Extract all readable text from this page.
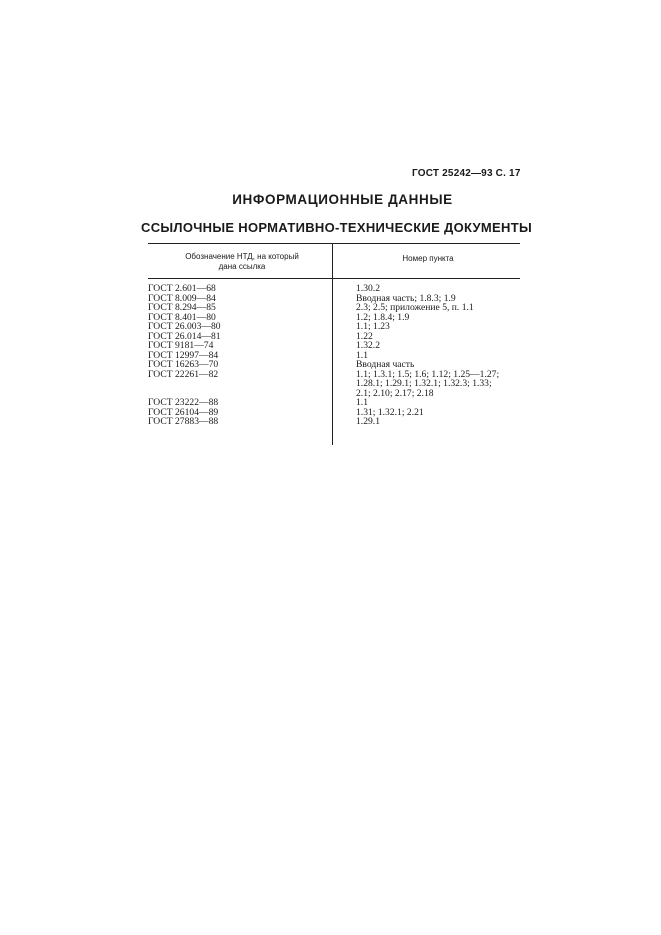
ГОСТ 25242—93 С. 17
ИНФОРМАЦИОННЫЕ ДАННЫЕ
ССЫЛОЧНЫЕ НОРМАТИВНО-ТЕХНИЧЕСКИЕ ДОКУМЕНТЫ
Обозначение НТД, на который
дана ссылка
Номер пункта
ГОСТ 2.601—68
ГОСТ 8.009—84
ГОСТ 8.294—85
ГОСТ 8.401—80
ГОСТ 26.003—80
ГОСТ 26.014—81
ГОСТ 9181—74
ГОСТ 12997—84
ГОСТ 16263—70
ГОСТ 22261—82
ГОСТ 23222—88
ГОСТ 26104—89
ГОСТ 27883—88
1.30.2
Вводная часть; 1.8.3; 1.9
2.3; 2.5; приложение 5, п. 1.1
1.2; 1.8.4; 1.9
1.1; 1.23
1.22
1.32.2
1.1
Вводная часть
1.1; 1.3.1; 1.5; 1.6; 1.12; 1.25—1.27;
1.28.1; 1.29.1; 1.32.1; 1.32.3; 1.33;
2.1; 2.10; 2.17; 2.18
1.1
1.31; 1.32.1; 2.21
1.29.1
